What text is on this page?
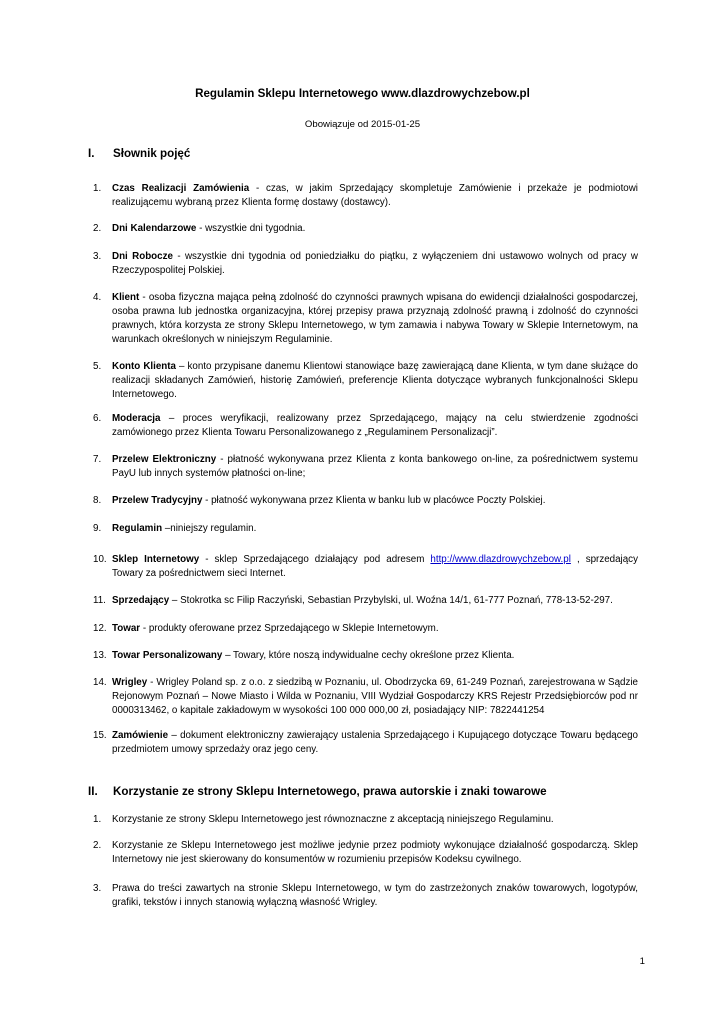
Regulamin Sklepu Internetowego www.dlazdrowychzebow.pl
Obowiązuje od 2015-01-25
I. Słownik pojęć
1. Czas Realizacji Zamówienia - czas, w jakim Sprzedający skompletuje Zamówienie i przekaże je podmiotowi realizującemu wybraną przez Klienta formę dostawy (dostawcy).
2. Dni Kalendarzowe - wszystkie dni tygodnia.
3. Dni Robocze - wszystkie dni tygodnia od poniedziałku do piątku, z wyłączeniem dni ustawowo wolnych od pracy w Rzeczypospolitej Polskiej.
4. Klient - osoba fizyczna mająca pełną zdolność do czynności prawnych wpisana do ewidencji działalności gospodarczej, osoba prawna lub jednostka organizacyjna, której przepisy prawa przyznają zdolność prawną i zdolność do czynności prawnych, która korzysta ze strony Sklepu Internetowego, w tym zamawia i nabywa Towary w Sklepie Internetowym, na warunkach określonych w niniejszym Regulaminie.
5. Konto Klienta – konto przypisane danemu Klientowi stanowiące bazę zawierającą dane Klienta, w tym dane służące do realizacji składanych Zamówień, historię Zamówień, preferencje Klienta dotyczące wybranych funkcjonalności Sklepu Internetowego.
6. Moderacja – proces weryfikacji, realizowany przez Sprzedającego, mający na celu stwierdzenie zgodności zamówionego przez Klienta Towaru Personalizowanego z „Regulaminem Personalizacji”.
7. Przelew Elektroniczny - płatność wykonywana przez Klienta z konta bankowego on-line, za pośrednictwem systemu PayU lub innych systemów płatności on-line;
8. Przelew Tradycyjny - płatność wykonywana przez Klienta w banku lub w placówce Poczty Polskiej.
9. Regulamin –niniejszy regulamin.
10. Sklep Internetowy - sklep Sprzedającego działający pod adresem http://www.dlazdrowychzebow.pl , sprzedający Towary za pośrednictwem sieci Internet.
11. Sprzedający – Stokrotka sc Filip Raczyński, Sebastian Przybylski, ul. Woźna 14/1, 61-777 Poznań, 778-13-52-297.
12. Towar - produkty oferowane przez Sprzedającego w Sklepie Internetowym.
13. Towar Personalizowany – Towary, które noszą indywidualne cechy określone przez Klienta.
14. Wrigley - Wrigley Poland sp. z o.o. z siedzibą w Poznaniu, ul. Obodrzycka 69, 61-249 Poznań, zarejestrowana w Sądzie Rejonowym Poznań – Nowe Miasto i Wilda w Poznaniu, VIII Wydział Gospodarczy KRS Rejestr Przedsiębiorców pod nr 0000313462, o kapitale zakładowym w wysokości 100 000 000,00 zł, posiadający NIP: 7822441254
15. Zamówienie – dokument elektroniczny zawierający ustalenia Sprzedającego i Kupującego dotyczące Towaru będącego przedmiotem umowy sprzedaży oraz jego ceny.
II. Korzystanie ze strony Sklepu Internetowego, prawa autorskie i znaki towarowe
1. Korzystanie ze strony Sklepu Internetowego jest równoznaczne z akceptacją niniejszego Regulaminu.
2. Korzystanie ze Sklepu Internetowego jest możliwe jedynie przez podmioty wykonujące działalność gospodarczą. Sklep Internetowy nie jest skierowany do konsumentów w rozumieniu przepisów Kodeksu cywilnego.
3. Prawa do treści zawartych na stronie Sklepu Internetowego, w tym do zastrzeżonych znaków towarowych, logotypów, grafiki, tekstów i innych stanowią wyłączną własność Wrigley.
1
